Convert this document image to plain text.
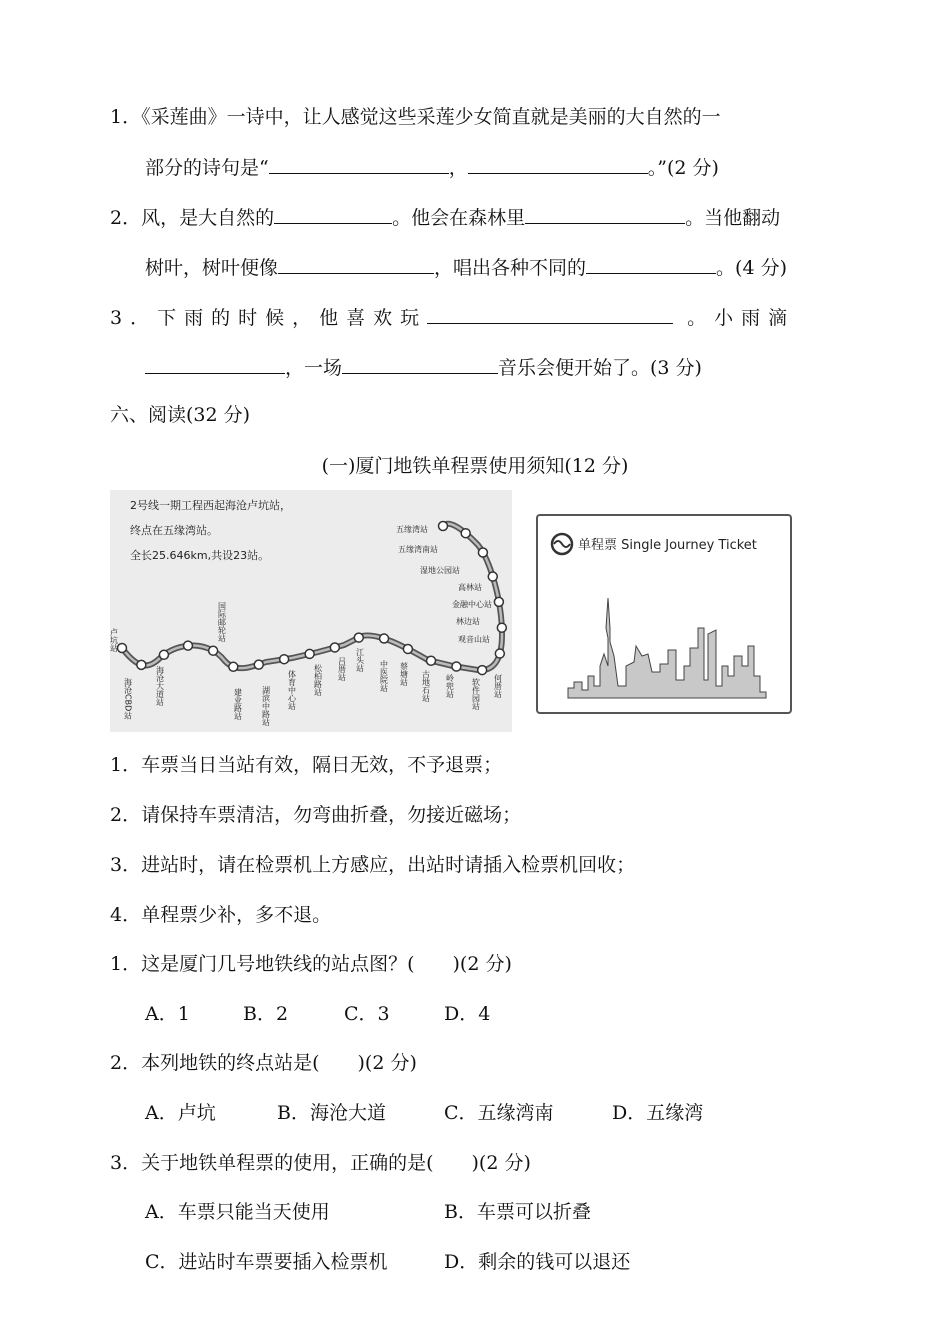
1．《采莲曲》一诗中，让人感觉这些采莲少女简直就是美丽的大自然的一
部分的诗句是“	，	。”(2 分)
2．风，是大自然的	。他会在森林里	。当他翻动
树叶，树叶便像	，唱出各种不同的	。(4 分)
3．下雨的时候，他喜欢玩	。小雨滴
，一场	音乐会便开始了。(3 分)
六、阅读(32 分)
(一)厦门地铁单程票使用须知(12 分)
2号线一期工程西起海沧卢坑站，
终点在五缘湾站。
全长25.646km,共设23站。
卢坑站
海沧CBD站	海沧大道站
国际邮轮站
建业路站 湖滨中路站 体育中心站 松柏路站 吕厝站 江头站 中医院站 蔡塘站 古地石站 岭兜站 软件园站 何厝站
观音山站
林边站
金融中心站
高林站
湿地公园站
五缘湾南站
五缘湾站
单程票 Single Journey Ticket
1．车票当日当站有效，隔日无效，不予退票；
2．请保持车票清洁，勿弯曲折叠，勿接近磁场；
3．进站时，请在检票机上方感应，出站时请插入检票机回收；
4．单程票少补，多不退。
1．这是厦门几号地铁线的站点图？(　　)(2 分)
A．1	B．2	C．3	D．4
2．本列地铁的终点站是(　　)(2 分)
A．卢坑	B．海沧大道	C．五缘湾南	D．五缘湾
3．关于地铁单程票的使用，正确的是(　　)(2 分)
A．车票只能当天使用	B．车票可以折叠
C．进站时车票要插入检票机	D．剩余的钱可以退还
